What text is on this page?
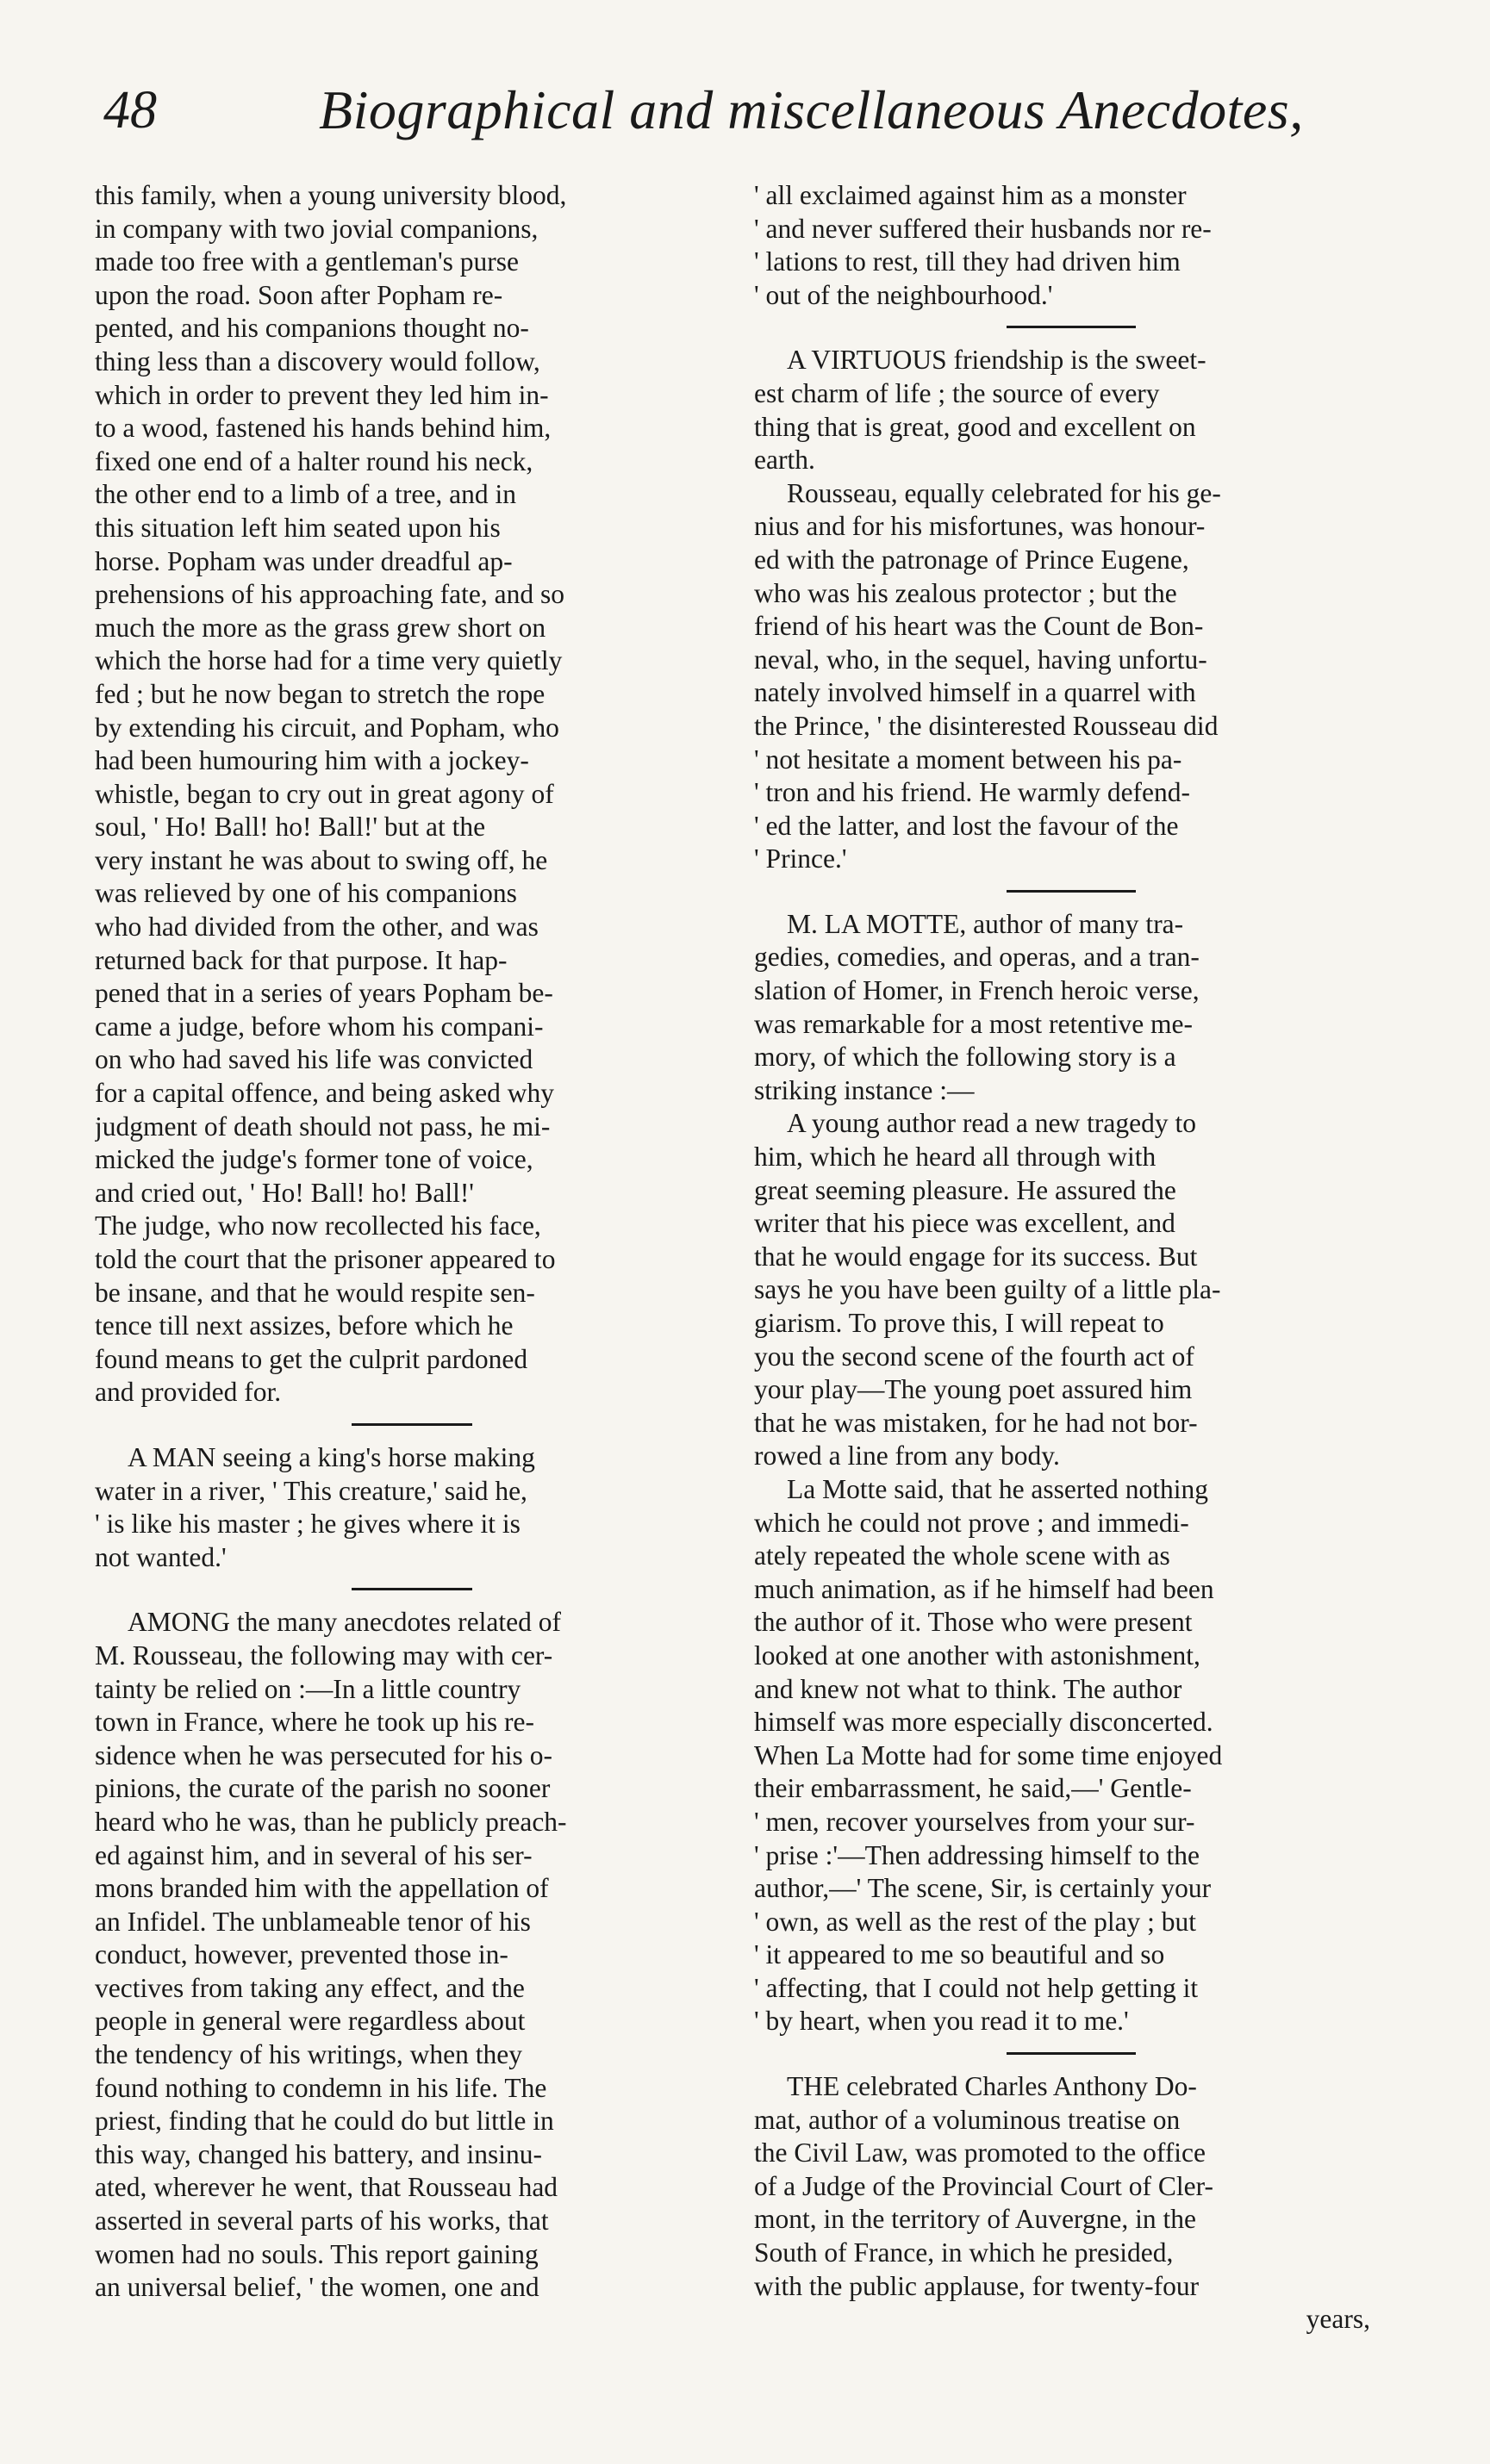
48	Biographical and miscellaneous Anecdotes,
this family, when a young university blood,
in company with two jovial companions,
made too free with a gentleman's purse
upon the road. Soon after Popham re-
pented, and his companions thought no-
thing less than a discovery would follow,
which in order to prevent they led him in-
to a wood, fastened his hands behind him,
fixed one end of a halter round his neck,
the other end to a limb of a tree, and in
this situation left him seated upon his
horse. Popham was under dreadful ap-
prehensions of his approaching fate, and so
much the more as the grass grew short on
which the horse had for a time very quietly
fed ; but he now began to stretch the rope
by extending his circuit, and Popham, who
had been humouring him with a jockey-
whistle, began to cry out in great agony of
soul, ' Ho! Ball! ho! Ball!' but at the
very instant he was about to swing off, he
was relieved by one of his companions
who had divided from the other, and was
returned back for that purpose. It hap-
pened that in a series of years Popham be-
came a judge, before whom his compani-
on who had saved his life was convicted
for a capital offence, and being asked why
judgment of death should not pass, he mi-
micked the judge's former tone of voice,
and cried out, ' Ho! Ball! ho! Ball!'
The judge, who now recollected his face,
told the court that the prisoner appeared to
be insane, and that he would respite sen-
tence till next assizes, before which he
found means to get the culprit pardoned
and provided for.
A MAN seeing a king's horse making
water in a river, ' This creature,' said he,
' is like his master ; he gives where it is
not wanted.'
AMONG the many anecdotes related of
M. Rousseau, the following may with cer-
tainty be relied on :—In a little country
town in France, where he took up his re-
sidence when he was persecuted for his o-
pinions, the curate of the parish no sooner
heard who he was, than he publicly preach-
ed against him, and in several of his ser-
mons branded him with the appellation of
an Infidel. The unblameable tenor of his
conduct, however, prevented those in-
vectives from taking any effect, and the
people in general were regardless about
the tendency of his writings, when they
found nothing to condemn in his life. The
priest, finding that he could do but little in
this way, changed his battery, and insinu-
ated, wherever he went, that Rousseau had
asserted in several parts of his works, that
women had no souls. This report gaining
an universal belief, ' the women, one and
' all exclaimed against him as a monster
' and never suffered their husbands nor re-
' lations to rest, till they had driven him
' out of the neighbourhood.'
A VIRTUOUS friendship is the sweet-
est charm of life ; the source of every
thing that is great, good and excellent on
earth.
Rousseau, equally celebrated for his ge-
nius and for his misfortunes, was honour-
ed with the patronage of Prince Eugene,
who was his zealous protector ; but the
friend of his heart was the Count de Bon-
neval, who, in the sequel, having unfortu-
nately involved himself in a quarrel with
the Prince, ' the disinterested Rousseau did
' not hesitate a moment between his pa-
' tron and his friend. He warmly defend-
' ed the latter, and lost the favour of the
' Prince.'
M. LA MOTTE, author of many tra-
gedies, comedies, and operas, and a tran-
slation of Homer, in French heroic verse,
was remarkable for a most retentive me-
mory, of which the following story is a
striking instance :—
A young author read a new tragedy to
him, which he heard all through with
great seeming pleasure. He assured the
writer that his piece was excellent, and
that he would engage for its success. But
says he you have been guilty of a little pla-
giarism. To prove this, I will repeat to
you the second scene of the fourth act of
your play—The young poet assured him
that he was mistaken, for he had not bor-
rowed a line from any body.
La Motte said, that he asserted nothing
which he could not prove ; and immedi-
ately repeated the whole scene with as
much animation, as if he himself had been
the author of it. Those who were present
looked at one another with astonishment,
and knew not what to think. The author
himself was more especially disconcerted.
When La Motte had for some time enjoyed
their embarrassment, he said,—' Gentle-
' men, recover yourselves from your sur-
' prise :'—Then addressing himself to the
author,—' The scene, Sir, is certainly your
' own, as well as the rest of the play ; but
' it appeared to me so beautiful and so
' affecting, that I could not help getting it
' by heart, when you read it to me.'
THE celebrated Charles Anthony Do-
mat, author of a voluminous treatise on
the Civil Law, was promoted to the office
of a Judge of the Provincial Court of Cler-
mont, in the territory of Auvergne, in the
South of France, in which he presided,
with the public applause, for twenty-four
years,
